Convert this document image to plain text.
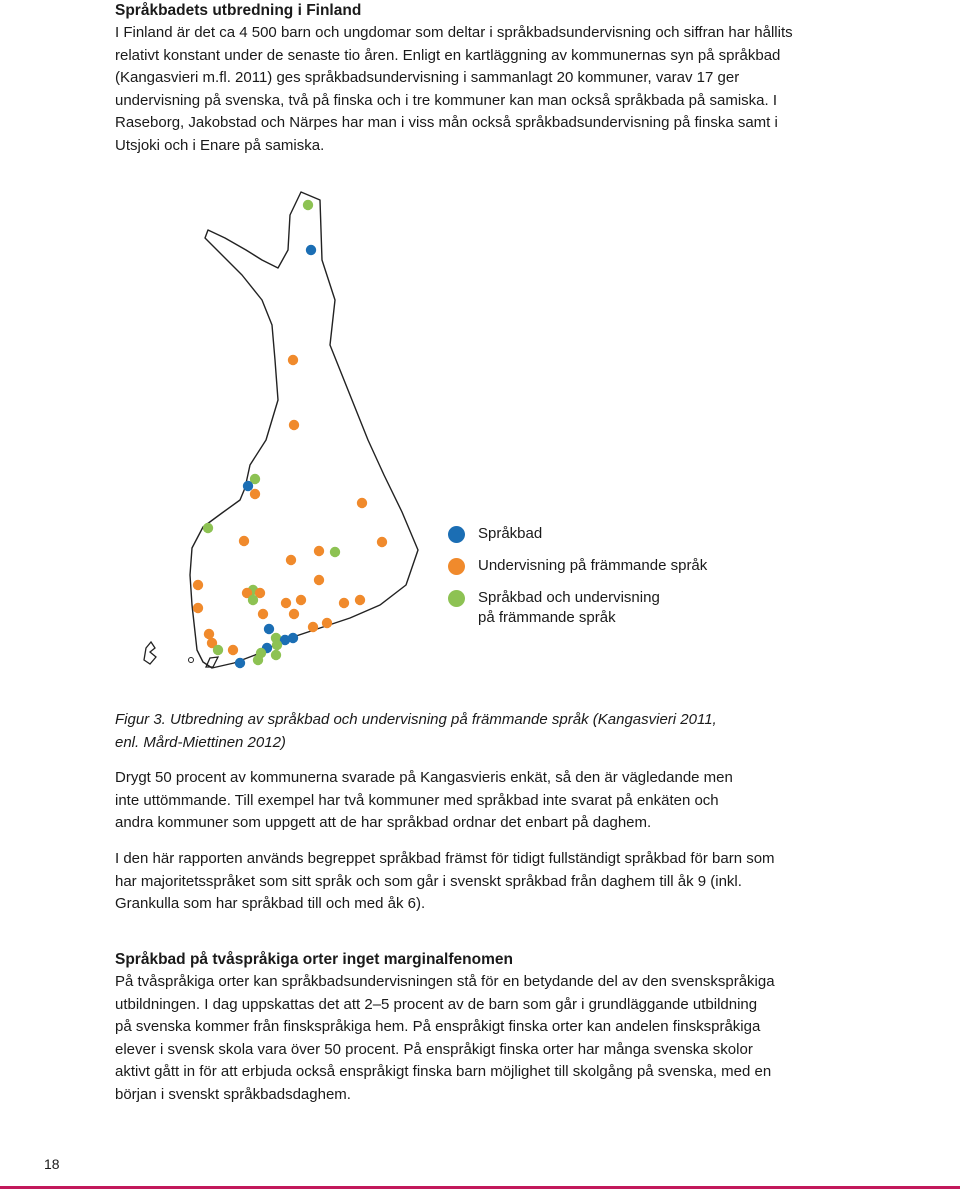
Språkbadets utbredning i Finland

I Finland är det ca 4 500 barn och ungdomar som deltar i språkbadsundervisning och siffran har hållits relativt konstant under de senaste tio åren. Enligt en kartläggning av kommunernas syn på språkbad (Kangasvieri m.fl. 2011) ges språkbadsundervisning i sammanlagt 20 kommuner, varav 17 ger undervisning på svenska, två på finska och i tre kommuner kan man också språkbada på samiska. I Raseborg, Jakobstad och Närpes har man i viss mån också språkbadsundervisning på finska samt i Utsjoki och i Enare på samiska.

Språkbad
Undervisning på främmande språk
Språkbad och undervisning på främmande språk

Figur 3. Utbredning av språkbad och undervisning på främmande språk (Kangasvieri 2011, enl. Mård-Miettinen 2012)

Drygt 50 procent av kommunerna svarade på Kangasvieris enkät, så den är vägledande men inte uttömmande. Till exempel har två kommuner med språkbad inte svarat på enkäten och andra kommuner som uppgett att de har språkbad ordnar det enbart på daghem.

I den här rapporten används begreppet språkbad främst för tidigt fullständigt språkbad för barn som har majoritetsspråket som sitt språk och som går i svenskt språkbad från daghem till åk 9 (inkl. Grankulla som har språkbad till och med åk 6).

Språkbad på tvåspråkiga orter inget marginalfenomen

På tvåspråkiga orter kan språkbadsundervisningen stå för en betydande del av den svenskspråkiga utbildningen. I dag uppskattas det att 2–5 procent av de barn som går i grundläggande utbildning på svenska kommer från finskspråkiga hem. På enspråkigt finska orter kan andelen finskspråkiga elever i svensk skola vara över 50 procent. På enspråkigt finska orter har många svenska skolor aktivt gått in för att erbjuda också enspråkigt finska barn möjlighet till skolgång på svenska, med en början i svenskt språkbadsdaghem.

18
